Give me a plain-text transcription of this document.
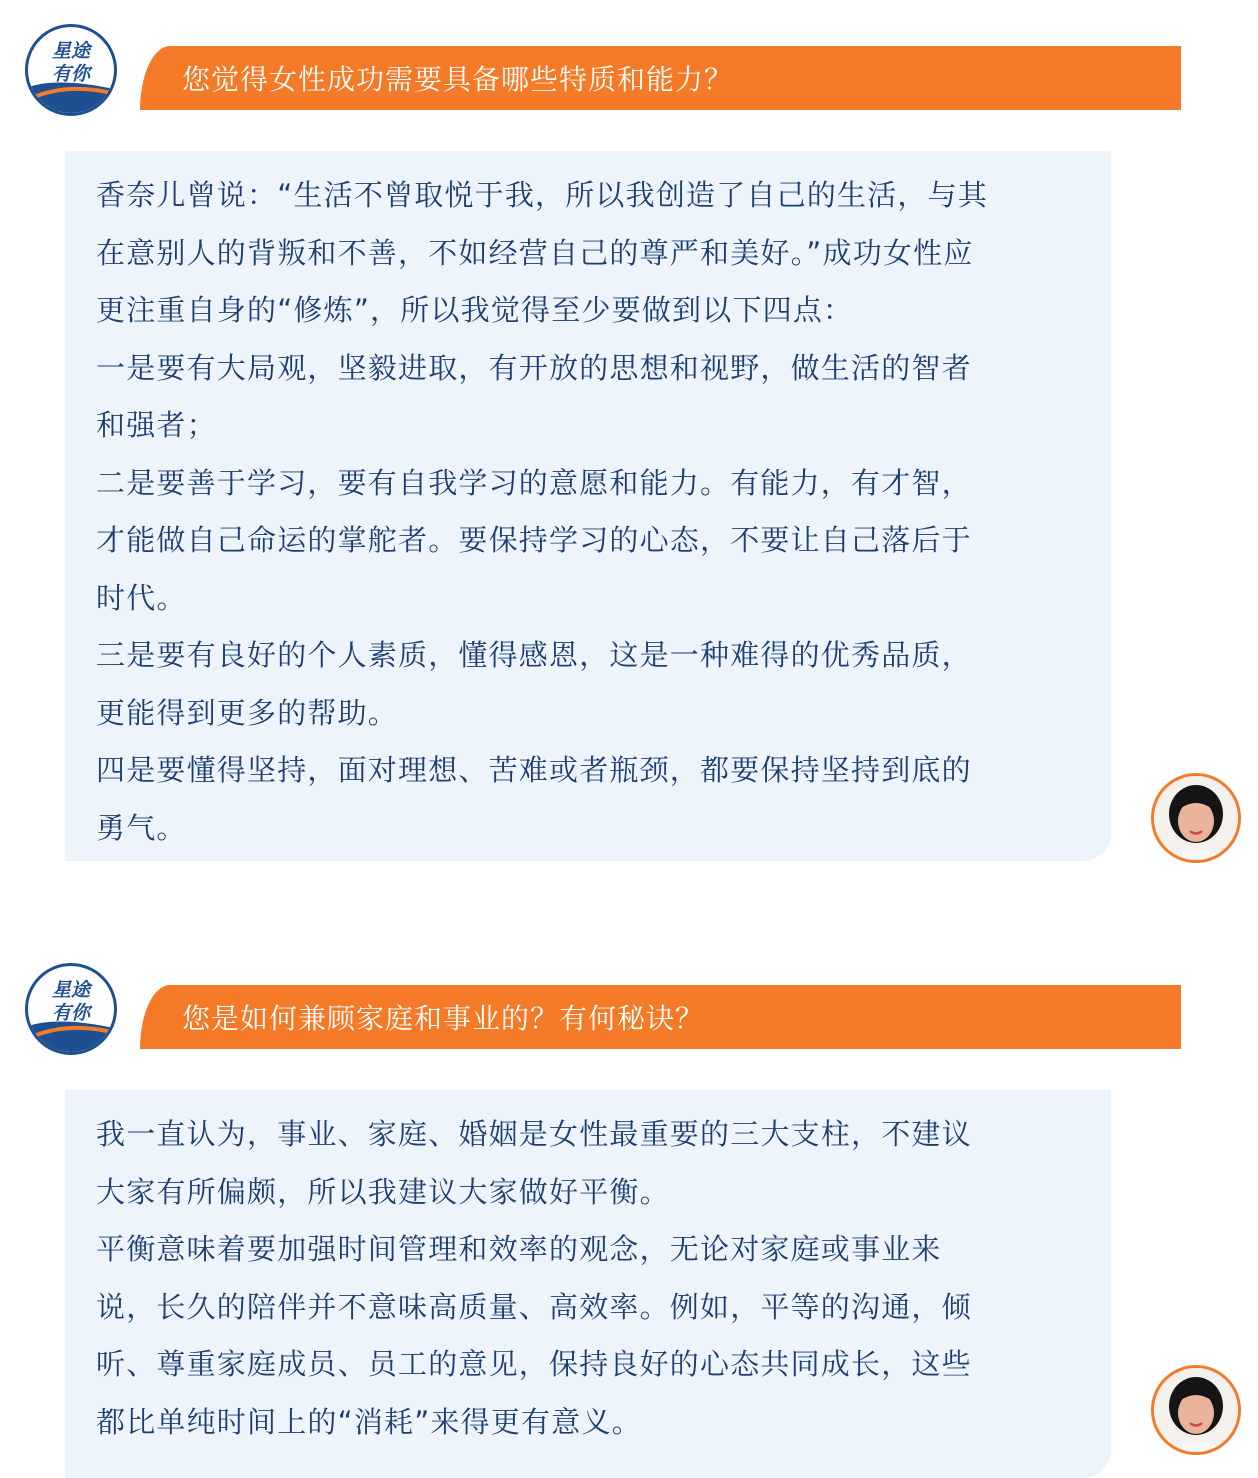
星途
有你	您觉得女性成功需要具备哪些特质和能力？

香奈儿曾说：“生活不曾取悦于我，所以我创造了自己的生活，与其

在意别人的背叛和不善，不如经营自己的尊严和美好。”成功女性应

更注重自身的“修炼”，所以我觉得至少要做到以下四点：

一是要有大局观，坚毅进取，有开放的思想和视野，做生活的智者

和强者；

二是要善于学习，要有自我学习的意愿和能力。有能力，有才智，

才能做自己命运的掌舵者。要保持学习的心态，不要让自己落后于

时代。

三是要有良好的个人素质，懂得感恩，这是一种难得的优秀品质，

更能得到更多的帮助。

四是要懂得坚持，面对理想、苦难或者瓶颈，都要保持坚持到底的

勇气。

星途
有你	您是如何兼顾家庭和事业的？有何秘诀？

我一直认为，事业、家庭、婚姻是女性最重要的三大支柱，不建议

大家有所偏颇，所以我建议大家做好平衡。

平衡意味着要加强时间管理和效率的观念，无论对家庭或事业来

说，长久的陪伴并不意味高质量、高效率。例如，平等的沟通，倾

听、尊重家庭成员、员工的意见，保持良好的心态共同成长，这些

都比单纯时间上的“消耗”来得更有意义。
